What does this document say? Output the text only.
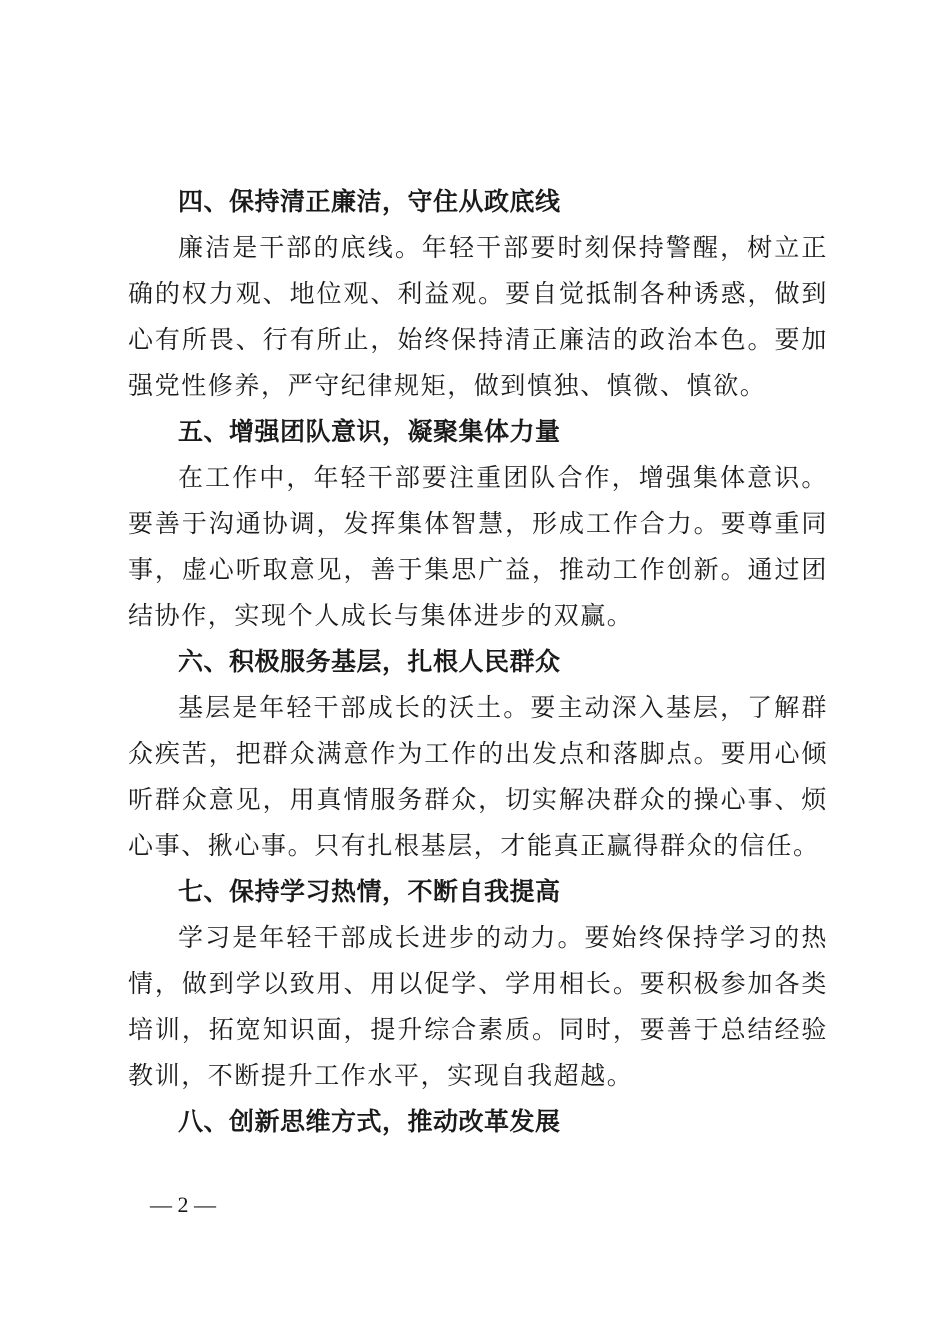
四、保持清正廉洁，守住从政底线

廉洁是干部的底线。年轻干部要时刻保持警醒，树立正确的权力观、地位观、利益观。要自觉抵制各种诱惑，做到心有所畏、行有所止，始终保持清正廉洁的政治本色。要加强党性修养，严守纪律规矩，做到慎独、慎微、慎欲。

五、增强团队意识，凝聚集体力量

在工作中，年轻干部要注重团队合作，增强集体意识。要善于沟通协调，发挥集体智慧，形成工作合力。要尊重同事，虚心听取意见，善于集思广益，推动工作创新。通过团结协作，实现个人成长与集体进步的双赢。

六、积极服务基层，扎根人民群众

基层是年轻干部成长的沃土。要主动深入基层，了解群众疾苦，把群众满意作为工作的出发点和落脚点。要用心倾听群众意见，用真情服务群众，切实解决群众的操心事、烦心事、揪心事。只有扎根基层，才能真正赢得群众的信任。

七、保持学习热情，不断自我提高

学习是年轻干部成长进步的动力。要始终保持学习的热情，做到学以致用、用以促学、学用相长。要积极参加各类培训，拓宽知识面，提升综合素质。同时，要善于总结经验教训，不断提升工作水平，实现自我超越。

八、创新思维方式，推动改革发展

— 2 —
